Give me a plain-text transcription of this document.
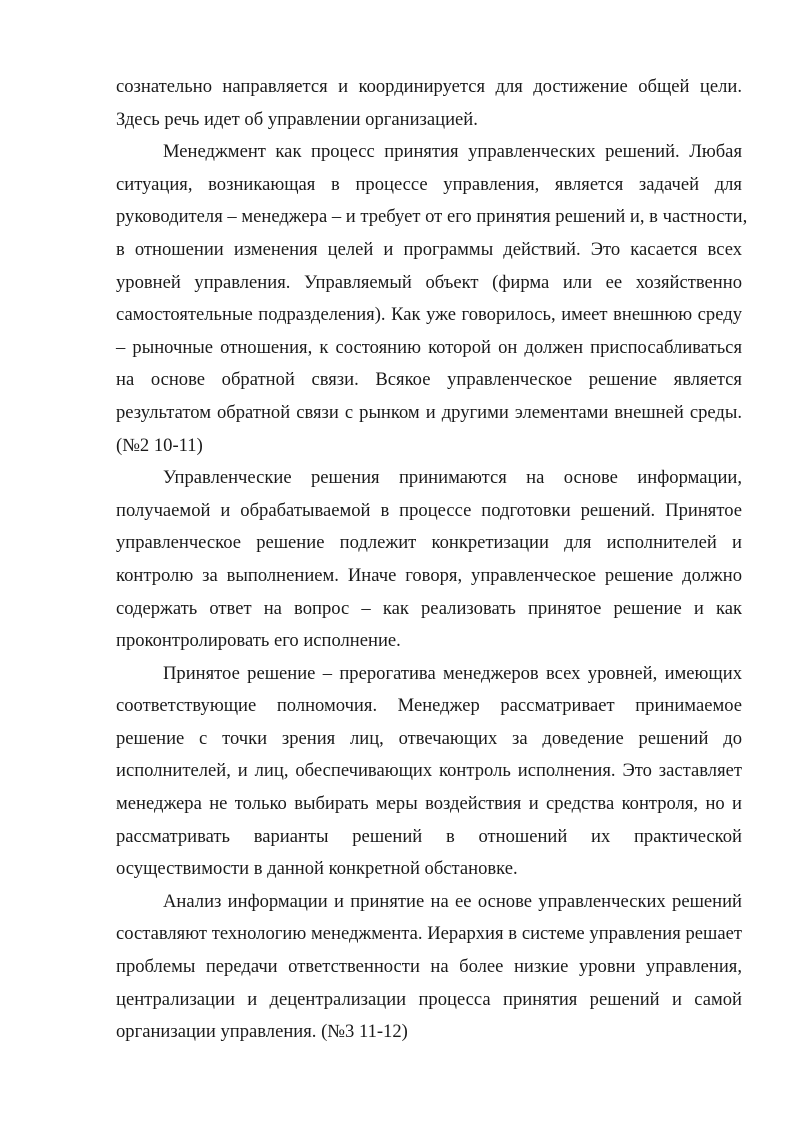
сознательно направляется и координируется для достижение общей цели.
Здесь речь идет об управлении организацией.
Менеджмент как процесс принятия управленческих решений. Любая
ситуация, возникающая в процессе управления, является задачей для
руководителя – менеджера – и требует от его принятия решений и, в частности,
в отношении изменения целей и программы действий. Это касается всех
уровней управления. Управляемый объект (фирма или ее хозяйственно
самостоятельные подразделения). Как уже говорилось, имеет внешнюю среду
– рыночные отношения, к состоянию которой он должен приспосабливаться
на основе обратной связи. Всякое управленческое решение является
результатом обратной связи с рынком и другими элементами внешней среды.
(№2 10-11)
Управленческие решения принимаются на основе информации,
получаемой и обрабатываемой в процессе подготовки решений. Принятое
управленческое решение подлежит конкретизации для исполнителей и
контролю за выполнением. Иначе говоря, управленческое решение должно
содержать ответ на вопрос – как реализовать принятое решение и как
проконтролировать его исполнение.
Принятое решение – прерогатива менеджеров всех уровней, имеющих
соответствующие полномочия. Менеджер рассматривает принимаемое
решение с точки зрения лиц, отвечающих за доведение решений до
исполнителей, и лиц, обеспечивающих контроль исполнения. Это заставляет
менеджера не только выбирать меры воздействия и средства контроля, но и
рассматривать варианты решений в отношений их практической
осуществимости в данной конкретной обстановке.
Анализ информации и принятие на ее основе управленческих решений
составляют технологию менеджмента. Иерархия в системе управления решает
проблемы передачи ответственности на более низкие уровни управления,
централизации и децентрализации процесса принятия решений и самой
организации управления. (№3 11-12)
